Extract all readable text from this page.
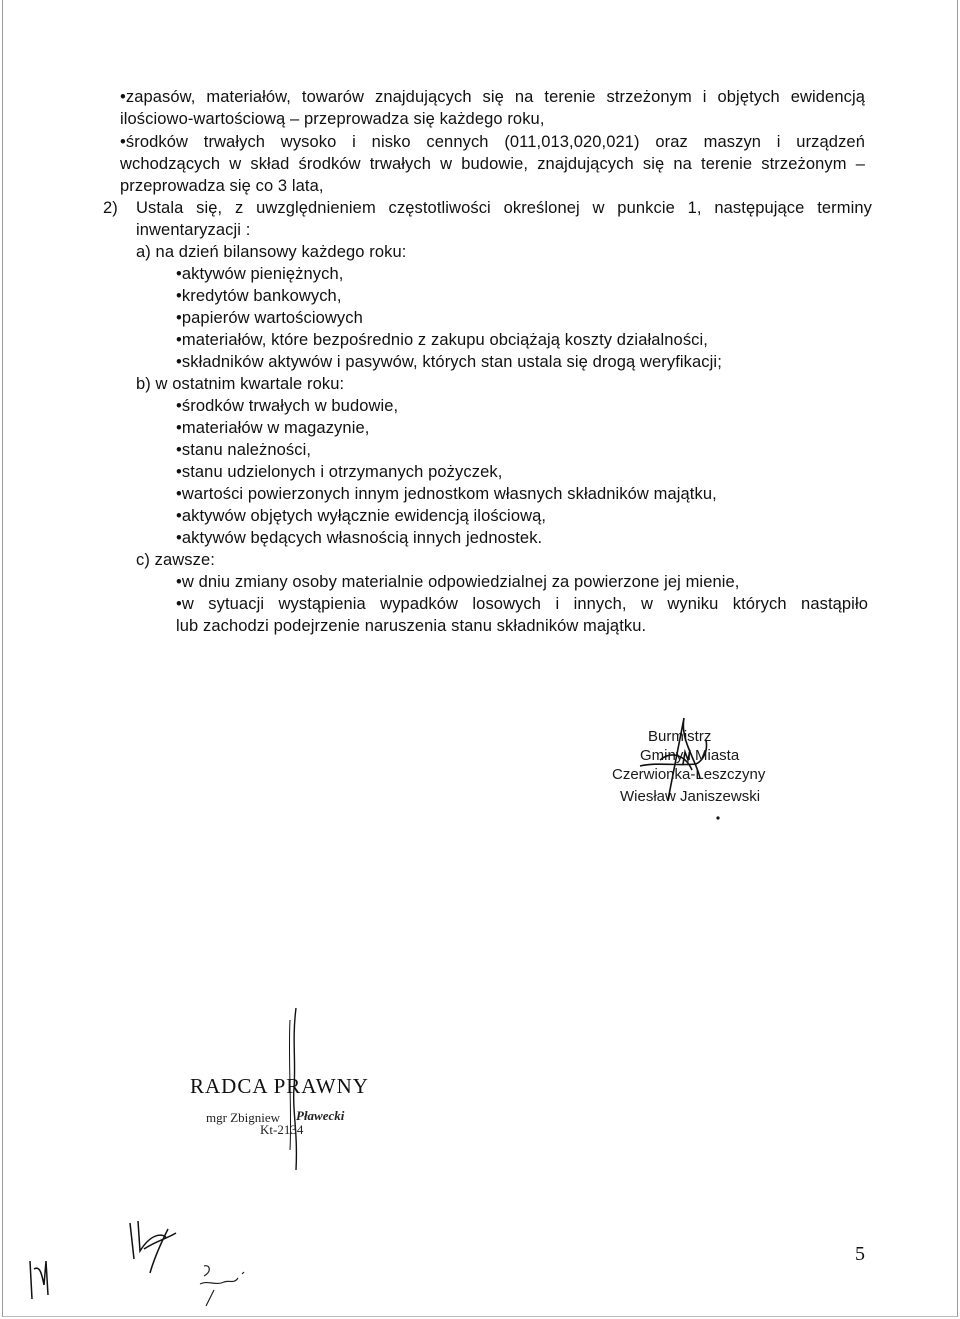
•zapasów, materiałów, towarów znajdujących się na terenie strzeżonym i objętych ewidencją
ilościowo-wartościową – przeprowadza się każdego roku,
•środków trwałych wysoko i nisko cennych (011,013,020,021) oraz maszyn i urządzeń
wchodzących w skład środków trwałych w budowie, znajdujących się na terenie strzeżonym –
przeprowadza się co 3 lata,
2) Ustala się, z uwzględnieniem częstotliwości określonej w punkcie 1, następujące terminy
inwentaryzacji :
a) na dzień bilansowy każdego roku:
•aktywów pieniężnych,
•kredytów bankowych,
•papierów wartościowych
•materiałów, które bezpośrednio z zakupu obciążają koszty działalności,
•składników aktywów i pasywów, których stan ustala się drogą weryfikacji;
b) w ostatnim kwartale roku:
•środków trwałych w budowie,
•materiałów w magazynie,
•stanu należności,
•stanu udzielonych i otrzymanych pożyczek,
•wartości powierzonych innym jednostkom własnych składników majątku,
•aktywów objętych wyłącznie ewidencją ilościową,
•aktywów będących własnością innych jednostek.
c) zawsze:
•w dniu zmiany osoby materialnie odpowiedzialnej za powierzone jej mienie,
•w sytuacji wystąpienia wypadków losowych i innych, w wyniku których nastąpiło
lub zachodzi podejrzenie naruszenia stanu składników majątku.
Burmistrz
Gminy i Miasta
Czerwionka-Leszczyny
Wiesław Janiszewski
RADCA PRAWNY
mgr Zbigniew Pławecki
Kt-2134
5
